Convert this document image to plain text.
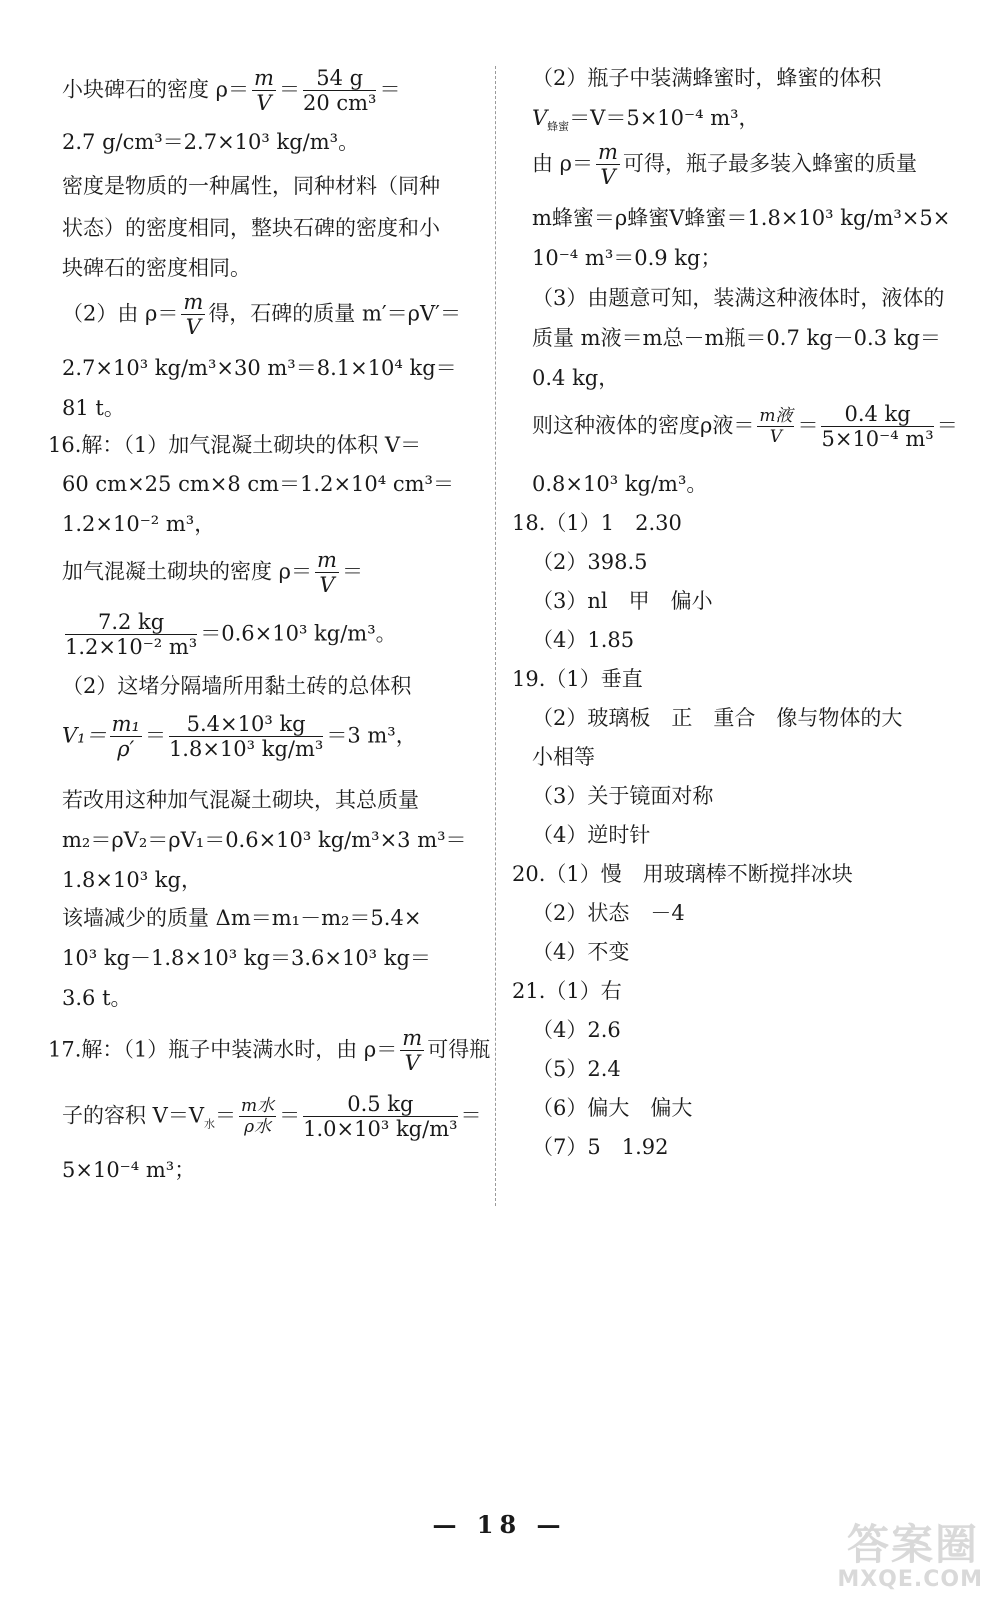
小块碑石的密度 $\rho= \frac{m}{V} = \frac{54 g}{\text{20 cm³}}$ ＝
2.7 g/cm³＝2.7×10³ kg/m³。
密度是物质的一种属性，同种材料（同种
状态）的密度相同，整块石碑的密度和小
块碑石的密度相同。
（2）由 $\rho= \frac{m}{V}$ 得，石碑的质量 m′＝ρV′＝
2.7×10³ kg/m³×30 m³＝8.1×10⁴ kg＝
81 t。
16.解：（1）加气混凝土砌块的体积 V＝
60 cm×25 cm×8 cm＝1.2×10⁴ cm³＝
1.2×10⁻² m³，
加气混凝土砌块的密度 $\rho= \frac{m}{V}$ ＝
$\frac{7.2 kg}{\text{1.2×10⁻² m³}} =0.6\times 10^3$ kg/m³。
（2）这堵分隔墙所用黏土砖的总体积
$V_1= \frac{\text{m₁}}{\rho'} = \frac{\text{5.4×10³ kg}}{\text{1.8×10³ kg/m³}} =3$ m³，
若改用这种加气混凝土砌块，其总质量
m₂＝ρV₂＝ρV₁＝0.6×10³ kg/m³×3 m³＝
1.8×10³ kg，
该墙减少的质量 Δm＝m₁－m₂＝5.4×
10³ kg－1.8×10³ kg＝3.6×10³ kg＝
3.6 t。
17.解：（1）瓶子中装满水时，由 $\rho= \frac{m}{V}$ 可得瓶
子的容积 $V=V_水= \frac{\text{m水}}{\text{ρ水}} = \frac{0.5 kg}{\text{1.0×10³ kg/m³}}$ ＝
5×10⁻⁴ m³；
（2）瓶子中装满蜂蜜时，蜂蜜的体积
$V_{蜂蜜}=V=5\times 10^{-4}$ m³，
由 $\rho= \frac{m}{V}$ 可得，瓶子最多装入蜂蜜的质量
m蜂蜜＝ρ蜂蜜V蜂蜜＝1.8×10³ kg/m³×5×
10⁻⁴ m³＝0.9 kg；
（3）由题意可知，装满这种液体时，液体的
质量 m液＝m总－m瓶＝0.7 kg－0.3 kg＝
0.4 kg，
则这种液体的密度ρ液＝ $\frac{\text{m液}}{V} = \frac{0.4 kg}{\text{5×10⁻⁴ m³}}$ ＝
0.8×10³ kg/m³。
18.（1）1　2.30
（2）398.5
（3）nl　甲　偏小
（4）1.85
19.（1）垂直
（2）玻璃板　正　重合　像与物体的大
小相等
（3）关于镜面对称
（4）逆时针
20.（1）慢　用玻璃棒不断搅拌冰块
（2）状态　－4
（4）不变
21.（1）右
（4）2.6
（5）2.4
（6）偏大　偏大
（7）5　1.92
— 18 —	答案圈
MXQE.COM
